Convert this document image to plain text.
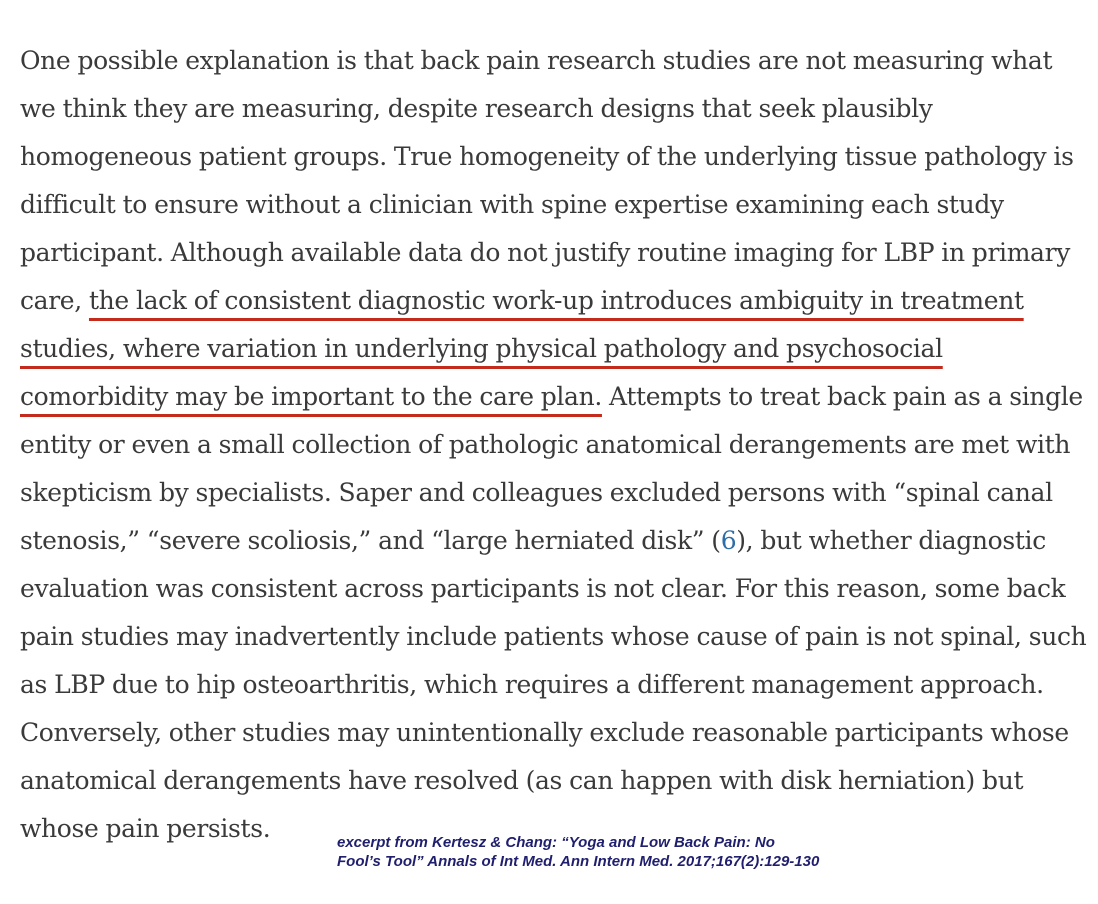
One possible explanation is that back pain research studies are not measuring what we think they are measuring, despite research designs that seek plausibly homogeneous patient groups. True homogeneity of the underlying tissue pathology is difficult to ensure without a clinician with spine expertise examining each study participant. Although available data do not justify routine imaging for LBP in primary care, the lack of consistent diagnostic work-up introduces ambiguity in treatment studies, where variation in underlying physical pathology and psychosocial comorbidity may be important to the care plan. Attempts to treat back pain as a single entity or even a small collection of pathologic anatomical derangements are met with skepticism by specialists. Saper and colleagues excluded persons with “spinal canal stenosis,” “severe scoliosis,” and “large herniated disk” (6), but whether diagnostic evaluation was consistent across participants is not clear. For this reason, some back pain studies may inadvertently include patients whose cause of pain is not spinal, such as LBP due to hip osteoarthritis, which requires a different management approach. Conversely, other studies may unintentionally exclude reasonable participants whose anatomical derangements have resolved (as can happen with disk herniation) but whose pain persists.	excerpt from Kertesz & Chang: “Yoga and Low Back Pain: No
Fool’s Tool” Annals of Int Med. Ann Intern Med. 2017;167(2):129-130
